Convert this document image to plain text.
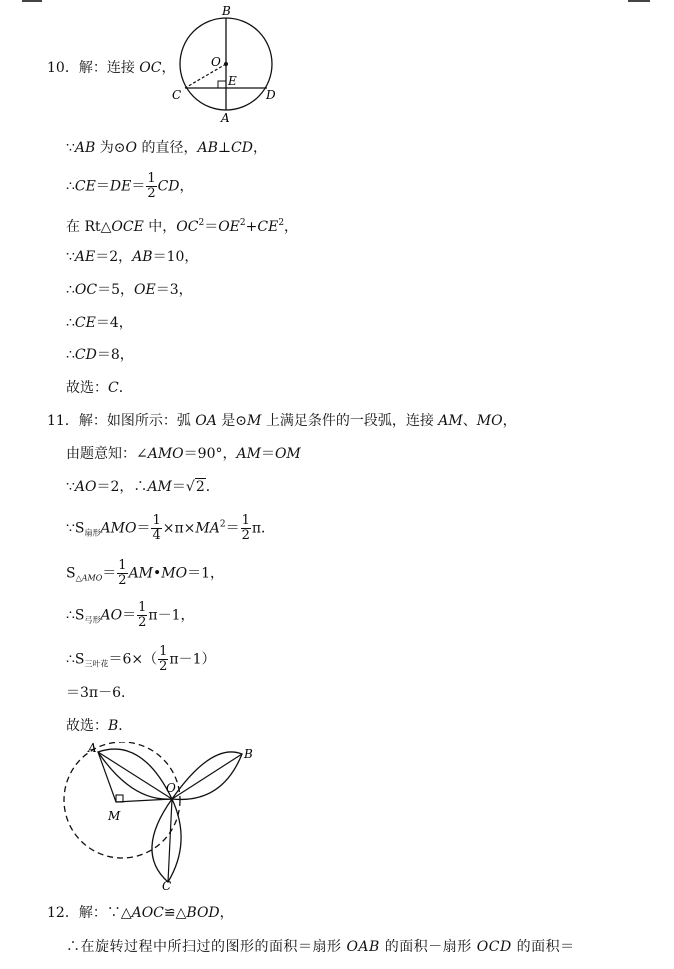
10．解：连接 OC，
B
O
E
C	D
A
∵AB 为⊙O 的直径，AB⊥CD，
∴CE＝DE＝ $\frac{1}{2}$ CD，
在 Rt△OCE 中，$OC^2=OE^2+CE^2$，
∵AE＝2，AB＝10，
∴OC＝5，OE＝3，
∴CE＝4，
∴CD＝8，
故选：C．
11．解：如图所示：弧 OA 是⊙M 上满足条件的一段弧，连接 AM、MO，
由题意知：∠AMO＝90°，AM＝OM
∵AO＝2，∴AM＝√2．
$\because S_{扇形}AMO= \frac{1}{4} \times\pi\times MA^2= \frac{1}{2}$ π．
$S_{\triangle AMO}= \frac{1}{2}$ AM•MO＝1，
$\therefore S_{弓形}AO= \frac{1}{2} \pi-1$，
$\therefore S_{三叶花}=6\times( \frac{1}{2} \pi-1)$
＝3π－6．
故选：B．
A	B
O
M
C
12．解：∵△AOC≌△BOD，
∴在旋转过程中所扫过的图形的面积＝扇形 OAB 的面积－扇形 OCD 的面积＝
